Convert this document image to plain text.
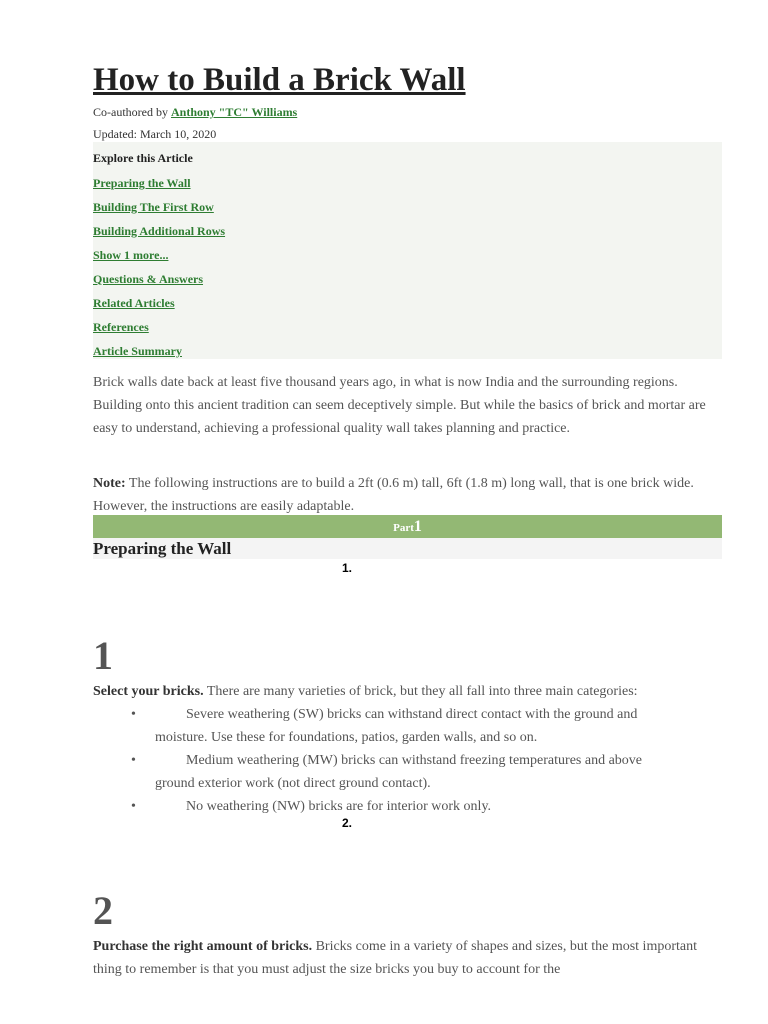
How to Build a Brick Wall
Co-authored by Anthony "TC" Williams
Updated: March 10, 2020
Explore this Article
Preparing the Wall
Building The First Row
Building Additional Rows
Show 1 more...
Questions & Answers
Related Articles
References
Article Summary

Brick walls date back at least five thousand years ago, in what is now India and the surrounding regions. Building onto this ancient tradition can seem deceptively simple. But while the basics of brick and mortar are easy to understand, achieving a professional quality wall takes planning and practice.

Note: The following instructions are to build a 2ft (0.6 m) tall, 6ft (1.8 m) long wall, that is one brick wide. However, the instructions are easily adaptable.

Part1
Preparing the Wall
1.
1

Select your bricks. There are many varieties of brick, but they all fall into three main categories:

•	Severe weathering (SW) bricks can withstand direct contact with the ground and
moisture. Use these for foundations, patios, garden walls, and so on.
•	Medium weathering (MW) bricks can withstand freezing temperatures and above
ground exterior work (not direct ground contact).
•	No weathering (NW) bricks are for interior work only.
2.
2

Purchase the right amount of bricks. Bricks come in a variety of shapes and sizes, but the most important thing to remember is that you must adjust the size bricks you buy to account for the
